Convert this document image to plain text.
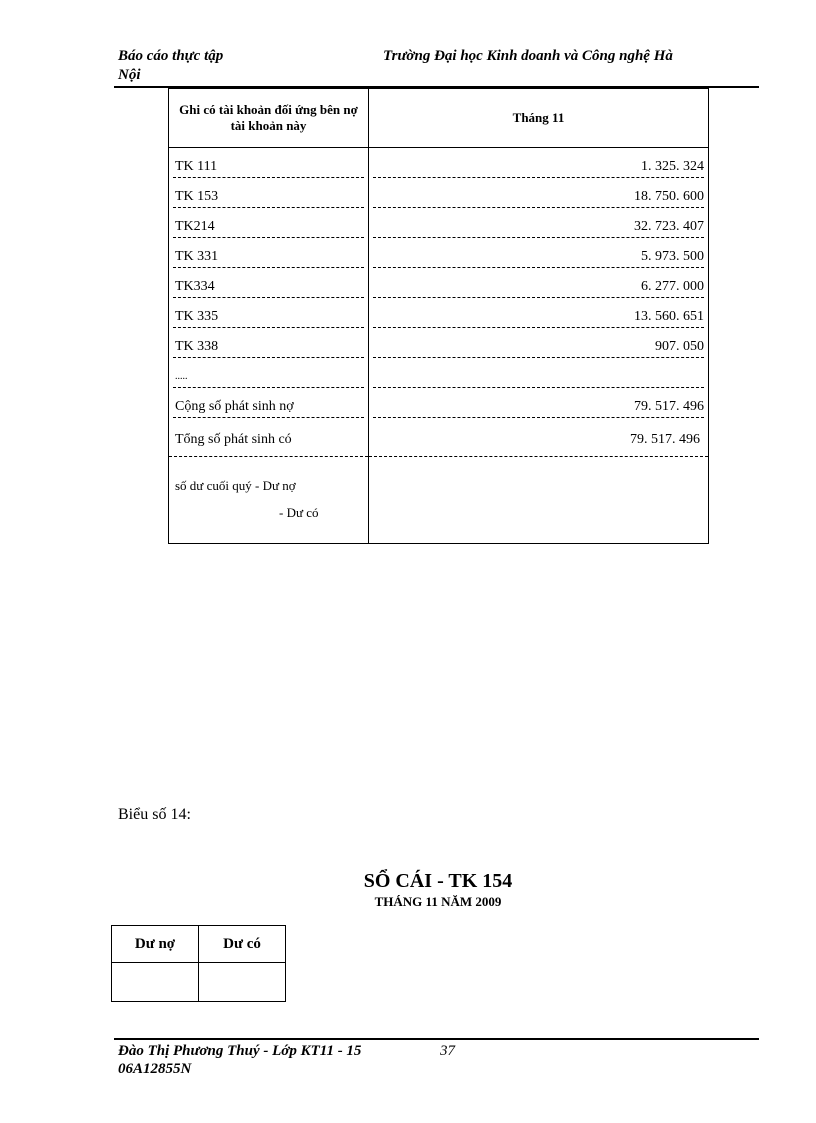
Báo cáo thực tập	Trường Đại học Kinh doanh và Công nghệ Hà
Nội
Ghi có tài khoản đối ứng bên nợ tài khoản này	Tháng 11

TK 111	1. 325. 324

TK 153	18. 750. 600

TK214	32. 723. 407

TK 331	5. 973. 500

TK334	6. 277. 000

TK 335	13. 560. 651

TK 338	907. 050

.....	

Cộng số phát sinh nợ	79. 517. 496

Tổng số phát sinh có	79. 517. 496

số dư cuối quý - Dư nợ
- Dư có	

Biểu số 14:
SỔ CÁI - TK 154
THÁNG 11 NĂM 2009
Dư nợ	Dư có

Đào Thị Phương Thuý - Lớp KT11 - 15	37
06A12855N
